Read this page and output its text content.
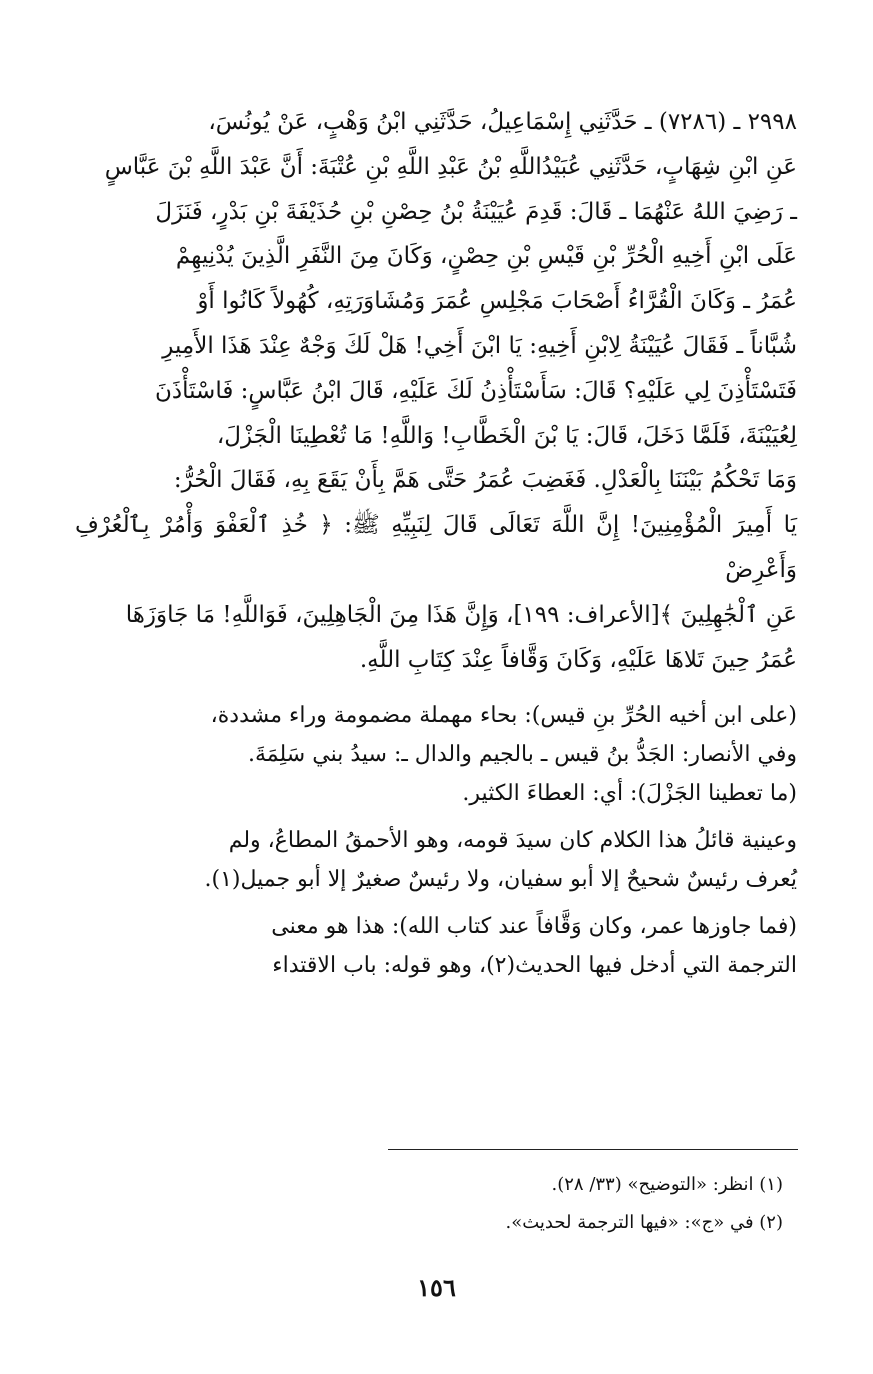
٢٩٩٨ ـ (٧٢٨٦) ـ حَدَّثَنِي إِسْمَاعِيلُ، حَدَّثَنِي ابْنُ وَهْبٍ، عَنْ يُونُسَ،
عَنِ ابْنِ شِهَابٍ، حَدَّثَنِي عُبَيْدُاللَّهِ بْنُ عَبْدِ اللَّهِ بْنِ عُتْبَةَ: أَنَّ عَبْدَ اللَّهِ بْنَ عَبَّاسٍ
ـ رَضِيَ اللهُ عَنْهُمَا ـ قَالَ: قَدِمَ عُيَيْنَةُ بْنُ حِصْنِ بْنِ حُذَيْفَةَ بْنِ بَدْرٍ، فَنَزَلَ
عَلَى ابْنِ أَخِيهِ الْحُرِّ بْنِ قَيْسِ بْنِ حِصْنٍ، وَكَانَ مِنَ النَّفَرِ الَّذِينَ يُدْنِيهِمْ
عُمَرُ ـ وَكَانَ الْقُرَّاءُ أَصْحَابَ مَجْلِسِ عُمَرَ وَمُشَاوَرَتِهِ، كُهُولاً كَانُوا أَوْ
شُبَّاناً ـ فَقَالَ عُيَيْنَةُ لِابْنِ أَخِيهِ: يَا ابْنَ أَخِي! هَلْ لَكَ وَجْهٌ عِنْدَ هَذَا الأَمِيرِ
فَتَسْتَأْذِنَ لِي عَلَيْهِ؟ قَالَ: سَأَسْتَأْذِنُ لَكَ عَلَيْهِ، قَالَ ابْنُ عَبَّاسٍ: فَاسْتَأْذَنَ
لِعُيَيْنَةَ، فَلَمَّا دَخَلَ، قَالَ: يَا بْنَ الْخَطَّابِ! وَاللَّهِ! مَا تُعْطِينَا الْجَزْلَ،
وَمَا تَحْكُمُ بَيْنَنَا بِالْعَدْلِ. فَغَضِبَ عُمَرُ حَتَّى هَمَّ بِأَنْ يَقَعَ بِهِ، فَقَالَ الْحُرُّ:
يَا أَمِيرَ الْمُؤْمِنِينَ! إِنَّ اللَّهَ تَعَالَى قَالَ لِنَبِيِّهِ ﷺ: ﴿ خُذِ ٱلْعَفْوَ وَأْمُرْ بِٱلْعُرْفِ وَأَعْرِضْ
عَنِ ٱلْجَٰهِلِينَ ﴾[الأعراف: ١٩٩]، وَإِنَّ هَذَا مِنَ الْجَاهِلِينَ، فَوَاللَّهِ! مَا جَاوَزَهَا
عُمَرُ حِينَ تَلاهَا عَلَيْهِ، وَكَانَ وَقَّافاً عِنْدَ كِتَابِ اللَّهِ.
(على ابن أخيه الحُرِّ بنِ قيس): بحاء مهملة مضمومة وراء مشددة،
وفي الأنصار: الجَدُّ بنُ قيس ـ بالجيم والدال ـ: سيدُ بني سَلِمَةَ.
(ما تعطينا الجَزْلَ): أي: العطاءَ الكثير.
وعينية قائلُ هذا الكلام كان سيدَ قومه، وهو الأحمقُ المطاعُ، ولم
يُعرف رئيسٌ شحيحٌ إلا أبو سفيان، ولا رئيسٌ صغيرٌ إلا أبو جميل(١).
(فما جاوزها عمر، وكان وَقَّافاً عند كتاب الله): هذا هو معنى
الترجمة التي أدخل فيها الحديث(٢)، وهو قوله: باب الاقتداء

(١) انظر: «التوضيح» (٣٣/ ٢٨).

(٢) في «ج»: «فيها الترجمة لحديث».

١٥٦
